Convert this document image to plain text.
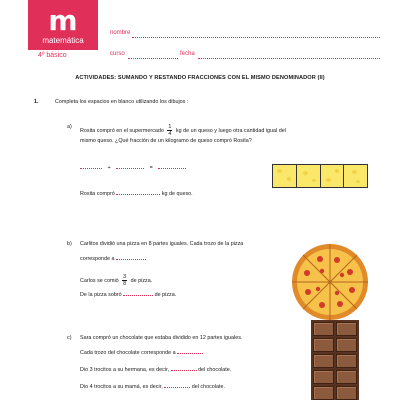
m
matemática
4º básico
nombre
curso	fecha
ACTIVIDADES: SUMANDO Y RESTANDO FRACCIONES CON EL MISMO DENOMINADOR (II)
1.	Completa los espacios en blanco utilizando los dibujos :
a)
Rosita compró en el supermercado $\frac{1}{4}$ kg de un queso y luego otra cantidad igual del
mismo queso. ¿Qué fracción de un kilogramo de queso compró Rosita?
+	=
Rosita compró	kg de queso.
b) Carlitos dividió una pizza en 8 partes iguales. Cada trozo de la pizza
corresponde a
Carlos se comió $\frac{3}{8}$ de pizza.
De la pizza sobró	de pizza.
c) Sara compró un chocolate que estaba dividido en 12 partes iguales.
Cada trozo del chocolate corresponde a
Dio 3 trocitos a su hermana, es decir,	del chocolate.
Dio 4 trocitos a su mamá, es decir,	del chocolate.
